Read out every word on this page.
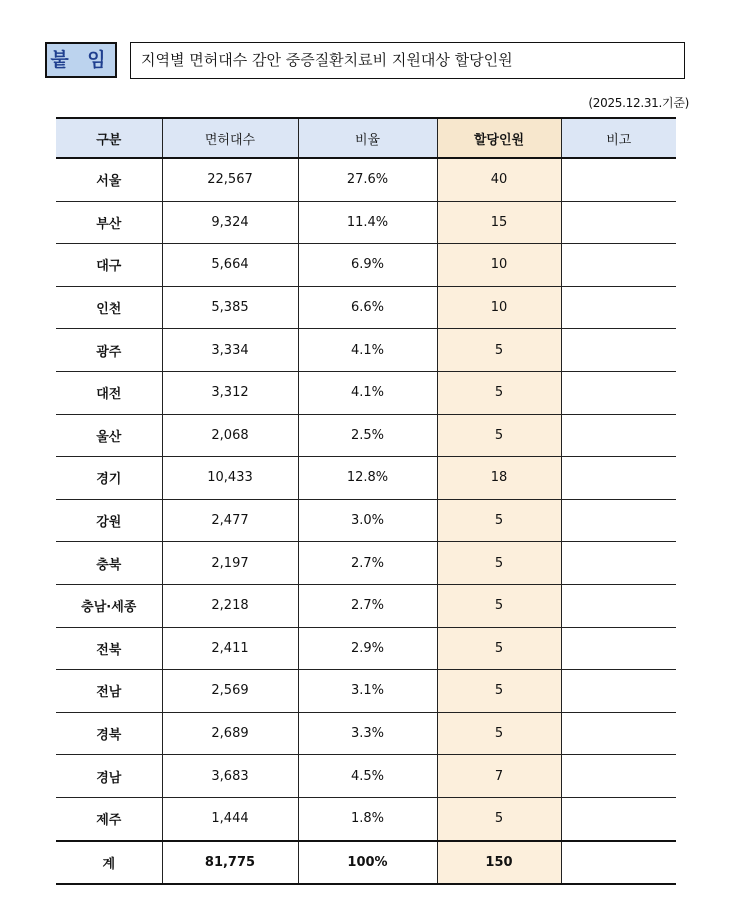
붙 임	지역별 면허대수 감안 중증질환치료비 지원대상 할당인원
(2025.12.31.기준)
구분	면허대수	비율	할당인원	비고
서울	22,567	27.6%	40	
부산	9,324	11.4%	15	
대구	5,664	6.9%	10	
인천	5,385	6.6%	10	
광주	3,334	4.1%	5	
대전	3,312	4.1%	5	
울산	2,068	2.5%	5	
경기	10,433	12.8%	18	
강원	2,477	3.0%	5	
충북	2,197	2.7%	5	
충남·세종	2,218	2.7%	5	
전북	2,411	2.9%	5	
전남	2,569	3.1%	5	
경북	2,689	3.3%	5	
경남	3,683	4.5%	7	
제주	1,444	1.8%	5	
계	81,775	100%	150	
